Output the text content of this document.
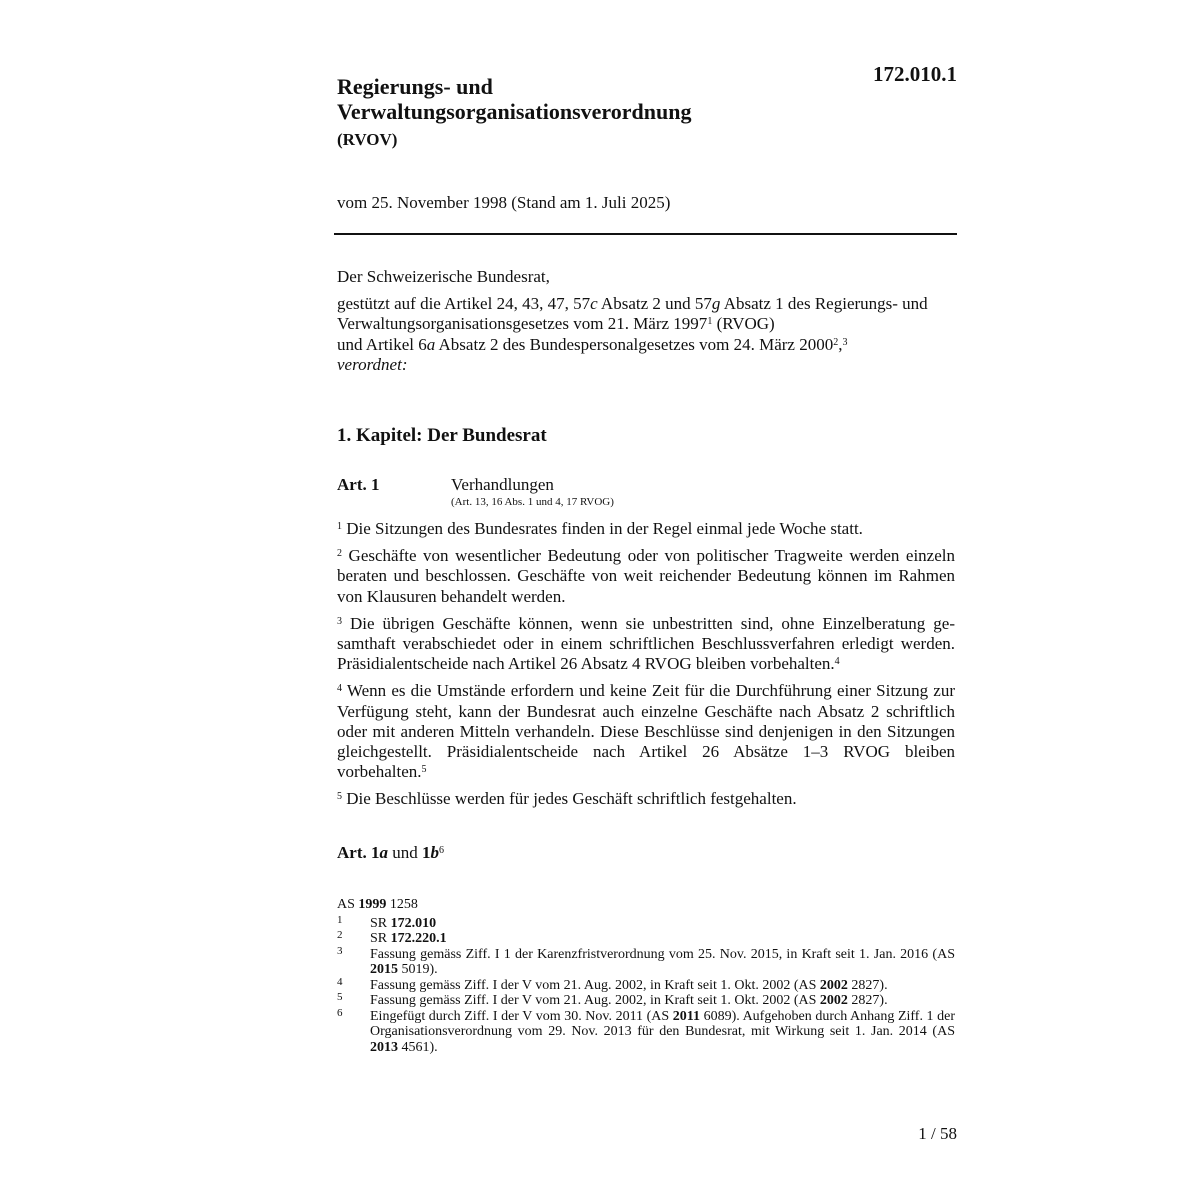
172.010.1
Regierungs- und
Verwaltungsorganisationsverordnung
(RVOV)
vom 25. November 1998 (Stand am 1. Juli 2025)

Der Schweizerische Bundesrat,

gestützt auf die Artikel 24, 43, 47, 57c Absatz 2 und 57g Absatz 1 des Regierungs- und Verwaltungsorganisationsgesetzes vom 21. März 1997$^1$ (RVOG)
und Artikel 6a Absatz 2 des Bundespersonalgesetzes vom 24. März 2000$^2$,$^3$

verordnet:

1. Kapitel: Der Bundesrat
Art. 1	Verhandlungen
(Art. 13, 16 Abs. 1 und 4, 17 RVOG)

$^1$ Die Sitzungen des Bundesrates finden in der Regel einmal jede Woche statt.

$^2$ Geschäfte von wesentlicher Bedeutung oder von politischer Tragweite werden einzeln beraten und beschlossen. Geschäfte von weit reichender Bedeutung können im Rahmen von Klausuren behandelt werden.

$^3$ Die übrigen Geschäfte können, wenn sie unbestritten sind, ohne Einzelberatung gesamthaft verabschiedet oder in einem schriftlichen Beschlussverfahren erledigt werden. Präsidialentscheide nach Artikel 26 Absatz 4 RVOG bleiben vorbehalten.$^4$

$^4$ Wenn es die Umstände erfordern und keine Zeit für die Durchführung einer Sitzung zur Verfügung steht, kann der Bundesrat auch einzelne Geschäfte nach Absatz 2 schriftlich oder mit anderen Mitteln verhandeln. Diese Beschlüsse sind denjenigen in den Sitzungen gleichgestellt. Präsidialentscheide nach Artikel 26 Absätze 1–3 RVOG bleiben vorbehalten.$^5$

$^5$ Die Beschlüsse werden für jedes Geschäft schriftlich festgehalten.

Art. 1a und $1b^6$
AS 1999 1258
1 SR 172.010
2 SR 172.220.1
3 Fassung gemäss Ziff. I 1 der Karenzfristverordnung vom 25. Nov. 2015, in Kraft seit 1. Jan. 2016 (AS 2015 5019).
4 Fassung gemäss Ziff. I der V vom 21. Aug. 2002, in Kraft seit 1. Okt. 2002 (AS 2002 2827).
5 Fassung gemäss Ziff. I der V vom 21. Aug. 2002, in Kraft seit 1. Okt. 2002 (AS 2002 2827).
6 Eingefügt durch Ziff. I der V vom 30. Nov. 2011 (AS 2011 6089). Aufgehoben durch Anhang Ziff. 1 der Organisationsverordnung vom 29. Nov. 2013 für den Bundesrat, mit Wirkung seit 1. Jan. 2014 (AS 2013 4561).
1 / 58
